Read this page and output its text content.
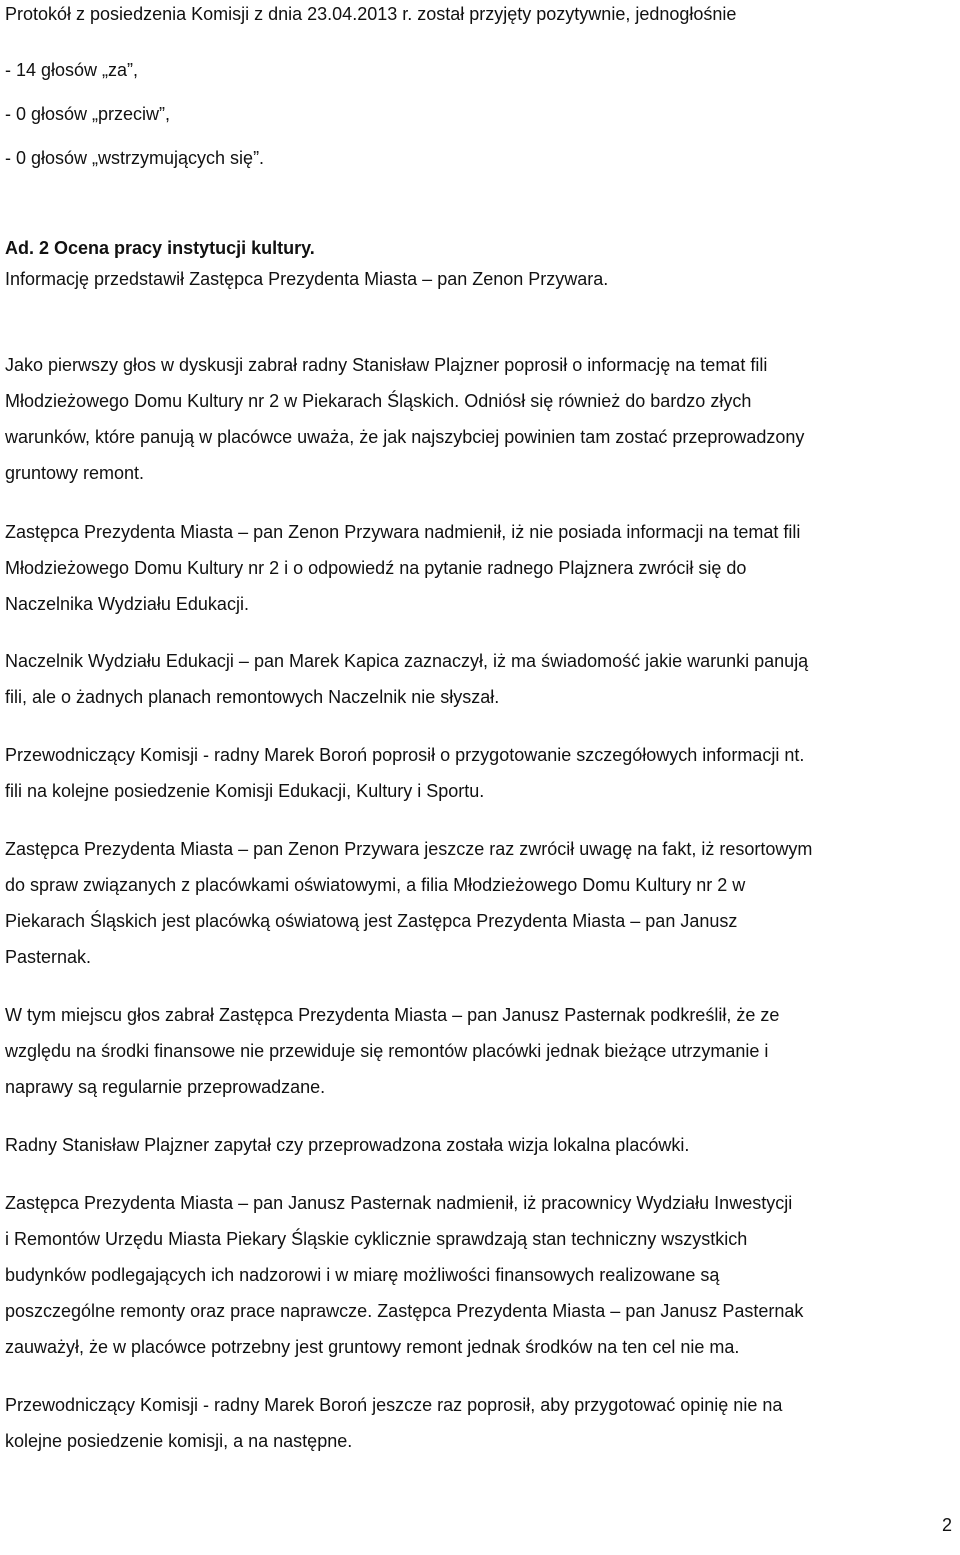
Protokół z posiedzenia Komisji z dnia 23.04.2013 r. został przyjęty pozytywnie, jednogłośnie
- 14 głosów „za”,
- 0 głosów „przeciw”,
- 0 głosów „wstrzymujących się”.
Ad. 2 Ocena pracy instytucji kultury.
Informację przedstawił Zastępca Prezydenta Miasta – pan Zenon Przywara.
Jako pierwszy głos w dyskusji zabrał radny Stanisław Plajzner poprosił o informację na temat fili
Młodzieżowego Domu Kultury nr 2 w Piekarach Śląskich. Odniósł się również do bardzo złych
warunków, które panują w placówce uważa, że jak najszybciej powinien tam zostać przeprowadzony
gruntowy remont.
Zastępca Prezydenta Miasta – pan Zenon Przywara nadmienił, iż nie posiada informacji na temat fili
Młodzieżowego Domu Kultury nr 2 i o odpowiedź na pytanie radnego Plajznera zwrócił się do
Naczelnika Wydziału Edukacji.
Naczelnik Wydziału Edukacji – pan Marek Kapica zaznaczył, iż ma świadomość jakie warunki panują
fili, ale o żadnych planach remontowych Naczelnik nie słyszał.
Przewodniczący Komisji - radny Marek Boroń poprosił o przygotowanie szczegółowych informacji nt.
fili na kolejne posiedzenie Komisji Edukacji, Kultury i Sportu.
Zastępca Prezydenta Miasta – pan Zenon Przywara jeszcze raz zwrócił uwagę na fakt, iż resortowym
do spraw związanych z placówkami oświatowymi, a filia Młodzieżowego Domu Kultury nr 2 w
Piekarach Śląskich jest placówką oświatową jest Zastępca Prezydenta Miasta – pan Janusz
Pasternak.
W tym miejscu głos zabrał Zastępca Prezydenta Miasta – pan Janusz Pasternak podkreślił, że ze
względu na środki finansowe nie przewiduje się remontów placówki jednak bieżące utrzymanie i
naprawy są regularnie przeprowadzane.
Radny Stanisław Plajzner zapytał czy przeprowadzona została wizja lokalna placówki.
Zastępca Prezydenta Miasta – pan Janusz Pasternak nadmienił, iż pracownicy Wydziału Inwestycji
i Remontów Urzędu Miasta Piekary Śląskie cyklicznie sprawdzają stan techniczny wszystkich
budynków podlegających ich nadzorowi i w miarę możliwości finansowych realizowane są
poszczególne remonty oraz prace naprawcze. Zastępca Prezydenta Miasta – pan Janusz Pasternak
zauważył, że w placówce potrzebny jest gruntowy remont jednak środków na ten cel nie ma.
Przewodniczący Komisji - radny Marek Boroń jeszcze raz poprosił, aby przygotować opinię nie na
kolejne posiedzenie komisji, a na następne.
2
